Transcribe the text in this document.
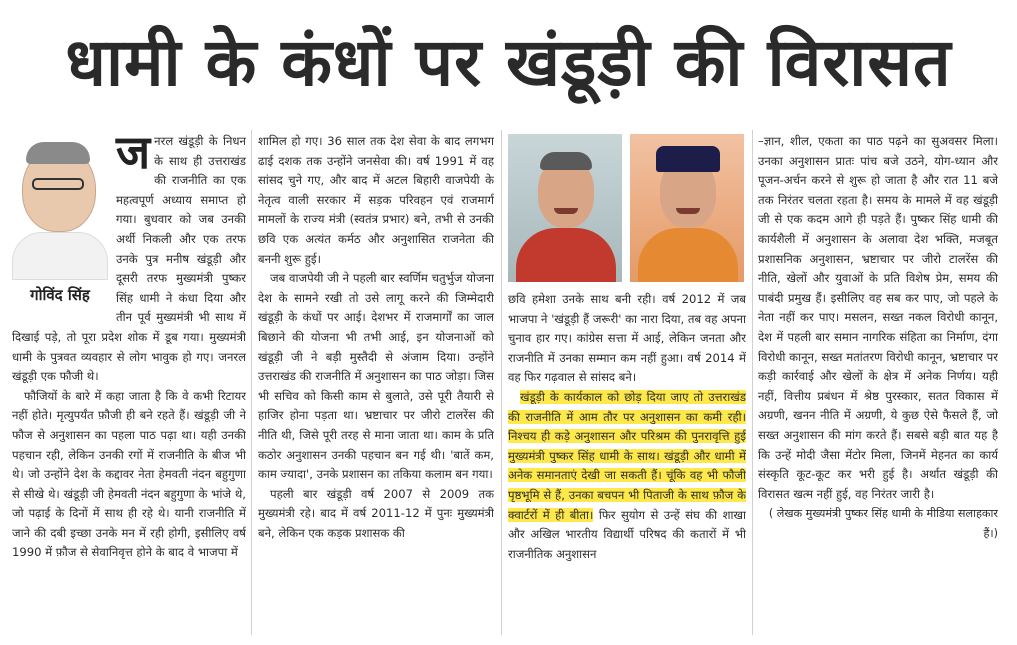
धामी के कंधों पर खंडूड़ी की विरासत
गोविंद सिंह

जनरल खंडूड़ी के निधन के साथ ही उत्तराखंड की राजनीति का एक महत्वपूर्ण अध्याय समाप्त हो गया। बुधवार को जब उनकी अर्थी निकली और एक तरफ उनके पुत्र मनीष खंडूड़ी और दूसरी तरफ मुख्यमंत्री पुष्कर सिंह धामी ने कंधा दिया और तीन पूर्व मुख्यमंत्री भी साथ में दिखाई पड़े, तो पूरा प्रदेश शोक में डूब गया। मुख्यमंत्री धामी के पुत्रवत व्यवहार से लोग भावुक हो गए। जनरल खंडूड़ी एक फौजी थे।

फौजियों के बारे में कहा जाता है कि वे कभी रिटायर नहीं होते। मृत्युपर्यंत फ़ौजी ही बने रहते हैं। खंडूड़ी जी ने फौज से अनुशासन का पहला पाठ पढ़ा था। यही उनकी पहचान रही, लेकिन उनकी रगों में राजनीति के बीज भी थे। जो उन्होंने देश के कद्दावर नेता हेमवती नंदन बहुगुणा से सीखे थे। खंडूड़ी जी हेमवती नंदन बहुगुणा के भांजे थे, जो पढ़ाई के दिनों में साथ ही रहे थे। यानी राजनीति में जाने की दबी इच्छा उनके मन में रही होगी, इसीलिए वर्ष 1990 में फ़ौज से सेवानिवृत्त होने के बाद वे भाजपा में

शामिल हो गए। 36 साल तक देश सेवा के बाद लगभग ढाई दशक तक उन्होंने जनसेवा की। वर्ष 1991 में वह सांसद चुने गए, और बाद में अटल बिहारी वाजपेयी के नेतृत्व वाली सरकार में सड़क परिवहन एवं राजमार्ग मामलों के राज्य मंत्री (स्वतंत्र प्रभार) बने, तभी से उनकी छवि एक अत्यंत कर्मठ और अनुशासित राजनेता की बननी शुरू हुई।

जब वाजपेयी जी ने पहली बार स्वर्णिम चतुर्भुज योजना देश के सामने रखी तो उसे लागू करने की जिम्मेदारी खंडूड़ी के कंधों पर आई। देशभर में राजमार्गों का जाल बिछाने की योजना भी तभी आई, इन योजनाओं को खंडूड़ी जी ने बड़ी मुस्तैदी से अंजाम दिया। उन्होंने उत्तराखंड की राजनीति में अनुशासन का पाठ जोड़ा। जिस भी सचिव को किसी काम से बुलाते, उसे पूरी तैयारी से हाजिर होना पड़ता था। भ्रष्टाचार पर जीरो टालरेंस की नीति थी, जिसे पूरी तरह से माना जाता था। काम के प्रति कठोर अनुशासन उनकी पहचान बन गई थी। 'बातें कम, काम ज्यादा', उनके प्रशासन का तकिया कलाम बन गया।

पहली बार खंडूड़ी वर्ष 2007 से 2009 तक मुख्यमंत्री रहे। बाद में वर्ष 2011-12 में पुनः मुख्यमंत्री बने, लेकिन एक कड़क प्रशासक की

छवि हमेशा उनके साथ बनी रही। वर्ष 2012 में जब भाजपा ने 'खंडूड़ी हैं जरूरी' का नारा दिया, तब वह अपना चुनाव हार गए। कांग्रेस सत्ता में आई, लेकिन जनता और राजनीति में उनका सम्मान कम नहीं हुआ। वर्ष 2014 में वह फिर गढ़वाल से सांसद बने।

खंडूड़ी के कार्यकाल को छोड़ दिया जाए तो उत्तराखंड की राजनीति में आम तौर पर अनुशासन का कमी रही। निश्चय ही कड़े अनुशासन और परिश्रम की पुनरावृत्ति हुई मुख्यमंत्री पुष्कर सिंह धामी के साथ। खंडूड़ी और धामी में अनेक समानताएं देखी जा सकती हैं। चूंकि वह भी फौजी पृष्ठभूमि से हैं, उनका बचपन भी पिताजी के साथ फ़ौज के क्वार्टरों में ही बीता। फिर सुयोग से उन्हें संघ की शाखा और अखिल भारतीय विद्यार्थी परिषद की कतारों में भी राजनीतिक अनुशासन

–ज्ञान, शील, एकता का पाठ पढ़ने का सुअवसर मिला। उनका अनुशासन प्रातः पांच बजे उठने, योग-ध्यान और पूजन-अर्चन करने से शुरू हो जाता है और रात 11 बजे तक निरंतर चलता रहता है। समय के मामले में वह खंडूड़ी जी से एक कदम आगे ही पड़ते हैं। पुष्कर सिंह धामी की कार्यशैली में अनुशासन के अलावा देश भक्ति, मजबूत प्रशासनिक अनुशासन, भ्रष्टाचार पर जीरो टालरेंस की नीति, खेलों और युवाओं के प्रति विशेष प्रेम, समय की पाबंदी प्रमुख हैं। इसीलिए वह सब कर पाए, जो पहले के नेता नहीं कर पाए। मसलन, सख्त नकल विरोधी कानून, देश में पहली बार समान नागरिक संहिता का निर्माण, दंगा विरोधी कानून, सख्त मतांतरण विरोधी कानून, भ्रष्टाचार पर कड़ी कार्रवाई और खेलों के क्षेत्र में अनेक निर्णय। यही नहीं, वित्तीय प्रबंधन में श्रेष्ठ पुरस्कार, सतत विकास में अग्रणी, खनन नीति में अग्रणी, ये कुछ ऐसे फैसले हैं, जो सख्त अनुशासन की मांग करते हैं। सबसे बड़ी बात यह है कि उन्हें मोदी जैसा मेंटोर मिला, जिनमें मेहनत का कार्य संस्कृति कूट-कूट कर भरी हुई है। अर्थात खंडूड़ी की विरासत खत्म नहीं हुई, वह निरंतर जारी है।

( लेखक मुख्यमंत्री पुष्कर सिंह धामी के मीडिया सलाहकार हैं।)
